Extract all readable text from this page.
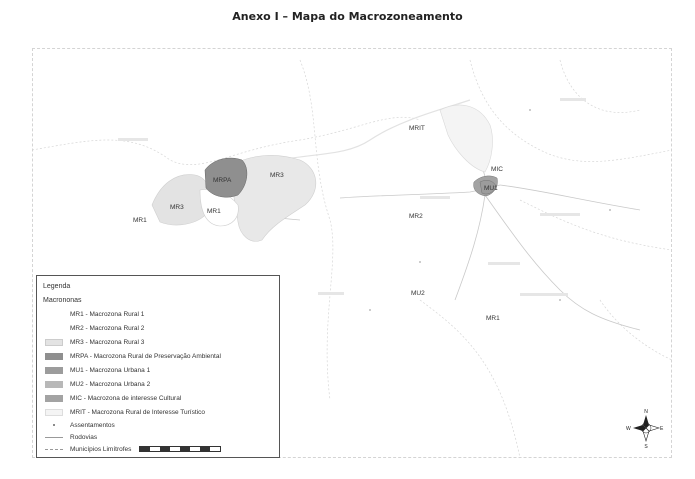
Anexo I – Mapa do Macrozoneamento
MR1
MR3
MRPA
MR1
MR3
MRIT
MIC
MU1
MR2
MU2
MR1
N
S
E
W
Legenda
Macrononas
MR1 - Macrozona Rural 1
MR2 - Macrozona Rural 2
MR3 - Macrozona Rural 3
MRPA - Macrozona Rural de Preservação Ambiental
MU1 - Macrozona Urbana 1
MU2 - Macrozona Urbana 2
MIC - Macrozona de interesse Cultural
MRIT - Macrozona Rural de Interesse Turístico
Assentamentos
Rodovias
Municípios Limítrofes
